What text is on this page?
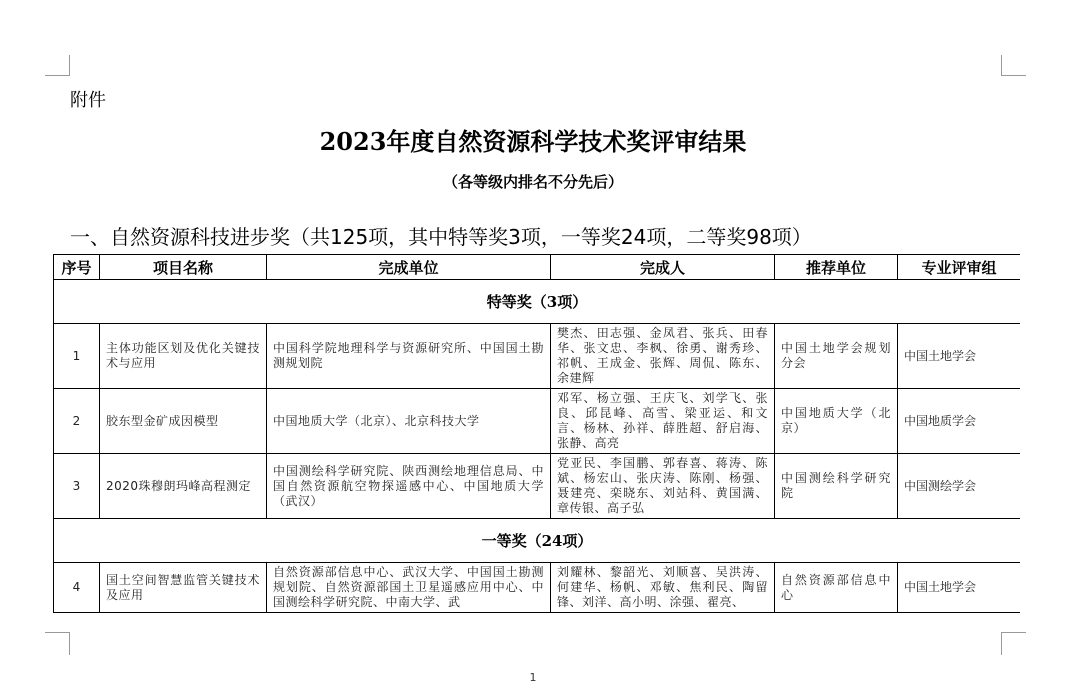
附件
2023年度自然资源科学技术奖评审结果
（各等级内排名不分先后）
一、自然资源科技进步奖（共125项，其中特等奖3项，一等奖24项，二等奖98项）
序号	项目名称	完成单位	完成人	推荐单位	专业评审组
特等奖（3项）					
1	主体功能区划及优化关键技术与应用	中国科学院地理科学与资源研究所、中国国土勘测规划院	樊杰、田志强、金凤君、张兵、田春华、张文忠、李枫、徐勇、谢秀珍、祁帆、王成金、张辉、周侃、陈东、余建辉	中国土地学会规划分会	中国土地学会

2	胶东型金矿成因模型	中国地质大学（北京）、北京科技大学	邓军、杨立强、王庆飞、刘学飞、张良、邱昆峰、高雪、梁亚运、和文言、杨林、孙祥、薛胜超、舒启海、张静、高亮	中国地质大学（北京）	中国地质学会

3	2020珠穆朗玛峰高程测定	中国测绘科学研究院、陕西测绘地理信息局、中国自然资源航空物探遥感中心、中国地质大学（武汉）	党亚民、李国鹏、郭春喜、蒋涛、陈斌、杨宏山、张庆涛、陈刚、杨强、聂建亮、栾晓东、刘站科、黄国满、章传银、高子弘	中国测绘科学研究院	中国测绘学会

一等奖（24项）					
4	国土空间智慧监管关键技术及应用	自然资源部信息中心、武汉大学、中国国土勘测规划院、自然资源部国土卫星遥感应用中心、中国测绘科学研究院、中南大学、武	刘耀林、黎韶光、刘顺喜、吴洪涛、何建华、杨帆、邓敏、焦利民、陶留锋、刘洋、高小明、涂强、翟亮、	自然资源部信息中心	中国土地学会
1
